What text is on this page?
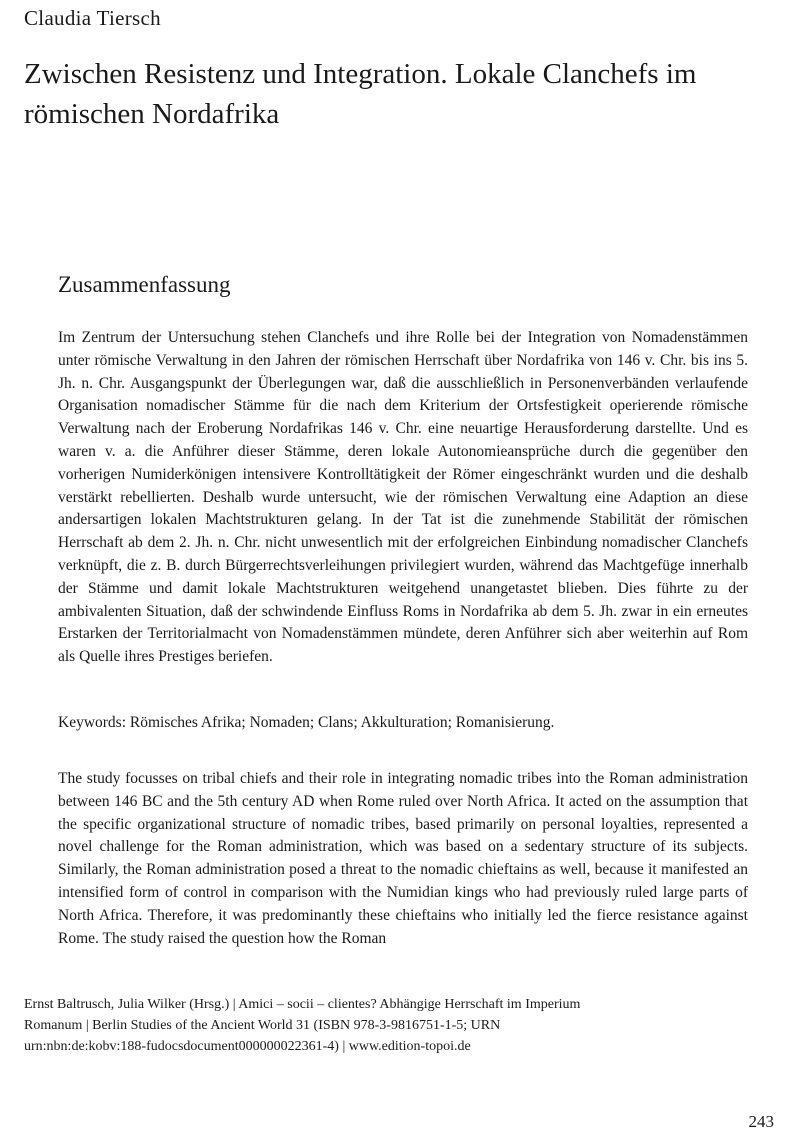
Claudia Tiersch
Zwischen Resistenz und Integration. Lokale Clanchefs im römischen Nordafrika
Zusammenfassung

Im Zentrum der Untersuchung stehen Clanchefs und ihre Rolle bei der Integration von Nomadenstämmen unter römische Verwaltung in den Jahren der römischen Herrschaft über Nordafrika von 146 v. Chr. bis ins 5. Jh. n. Chr. Ausgangspunkt der Überlegungen war, daß die ausschließlich in Personenverbänden verlaufende Organisation nomadischer Stämme für die nach dem Kriterium der Ortsfestigkeit operierende römische Verwaltung nach der Eroberung Nordafrikas 146 v. Chr. eine neuartige Herausforderung darstellte. Und es waren v. a. die Anführer dieser Stämme, deren lokale Autonomieansprüche durch die gegenüber den vorherigen Numiderkönigen intensivere Kontrolltätigkeit der Römer eingeschränkt wurden und die deshalb verstärkt rebellierten. Deshalb wurde untersucht, wie der römischen Verwaltung eine Adaption an diese andersartigen lokalen Machtstrukturen gelang. In der Tat ist die zunehmende Stabilität der römischen Herrschaft ab dem 2. Jh. n. Chr. nicht unwesentlich mit der erfolgreichen Einbindung nomadischer Clanchefs verknüpft, die z. B. durch Bürgerrechtsverleihungen privilegiert wurden, während das Machtgefüge innerhalb der Stämme und damit lokale Machtstrukturen weitgehend unangetastet blieben. Dies führte zu der ambivalenten Situation, daß der schwindende Einfluss Roms in Nordafrika ab dem 5. Jh. zwar in ein erneutes Erstarken der Territorialmacht von Nomadenstämmen mündete, deren Anführer sich aber weiterhin auf Rom als Quelle ihres Prestiges beriefen.

Keywords: Römisches Afrika; Nomaden; Clans; Akkulturation; Romanisierung.

The study focusses on tribal chiefs and their role in integrating nomadic tribes into the Roman administration between 146 BC and the 5th century AD when Rome ruled over North Africa. It acted on the assumption that the specific organizational structure of nomadic tribes, based primarily on personal loyalties, represented a novel challenge for the Roman administration, which was based on a sedentary structure of its subjects. Similarly, the Roman administration posed a threat to the nomadic chieftains as well, because it manifested an intensified form of control in comparison with the Numidian kings who had previously ruled large parts of North Africa. Therefore, it was predominantly these chieftains who initially led the fierce resistance against Rome. The study raised the question how the Roman

Ernst Baltrusch, Julia Wilker (Hrsg.) | Amici – socii – clientes? Abhängige Herrschaft im Imperium Romanum | Berlin Studies of the Ancient World 31 (ISBN 978-3-9816751-1-5; URN urn:nbn:de:kobv:188-fudocsdocument000000022361-4) | www.edition-topoi.de

243
